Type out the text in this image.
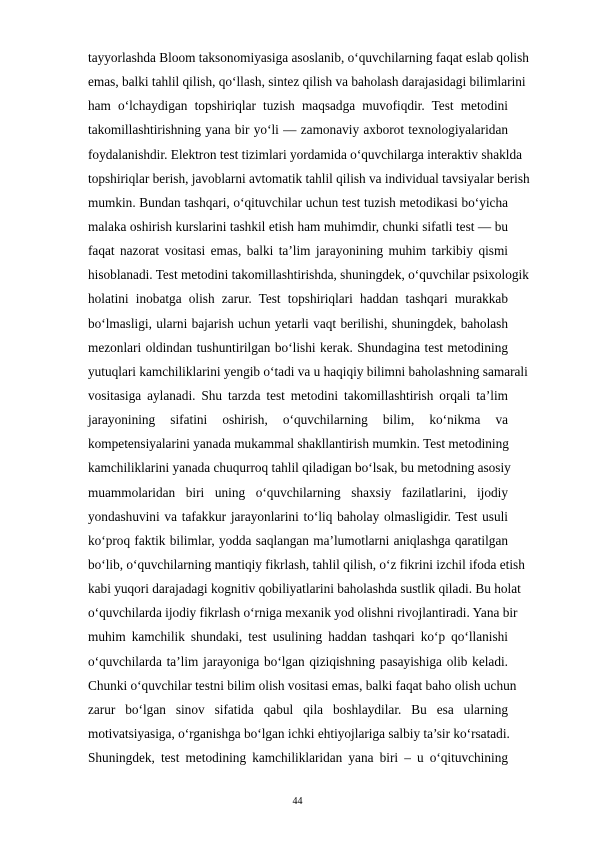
tayyorlashda Bloom taksonomiyasiga asoslanib, o‘quvchilarning faqat eslab qolish
emas, balki tahlil qilish, qo‘llash, sintez qilish va baholash darajasidagi bilimlarini
ham o‘lchaydigan topshiriqlar tuzish maqsadga muvofiqdir. Test metodini
takomillashtirishning yana bir yo‘li — zamonaviy axborot texnologiyalaridan
foydalanishdir. Elektron test tizimlari yordamida o‘quvchilarga interaktiv shaklda
topshiriqlar berish, javoblarni avtomatik tahlil qilish va individual tavsiyalar berish
mumkin. Bundan tashqari, o‘qituvchilar uchun test tuzish metodikasi bo‘yicha
malaka oshirish kurslarini tashkil etish ham muhimdir, chunki sifatli test — bu
faqat nazorat vositasi emas, balki ta’lim jarayonining muhim tarkibiy qismi
hisoblanadi. Test metodini takomillashtirishda, shuningdek, o‘quvchilar psixologik
holatini inobatga olish zarur. Test topshiriqlari haddan tashqari murakkab
bo‘lmasligi, ularni bajarish uchun yetarli vaqt berilishi, shuningdek, baholash
mezonlari oldindan tushuntirilgan bo‘lishi kerak. Shundagina test metodining
yutuqlari kamchiliklarini yengib o‘tadi va u haqiqiy bilimni baholashning samarali
vositasiga aylanadi. Shu tarzda test metodini takomillashtirish orqali ta’lim
jarayonining sifatini oshirish, o‘quvchilarning bilim, ko‘nikma va
kompetensiyalarini yanada mukammal shakllantirish mumkin. Test metodining
kamchiliklarini yanada chuqurroq tahlil qiladigan bo‘lsak, bu metodning asosiy
muammolaridan biri uning o‘quvchilarning shaxsiy fazilatlarini, ijodiy
yondashuvini va tafakkur jarayonlarini to‘liq baholay olmasligidir. Test usuli
ko‘proq faktik bilimlar, yodda saqlangan ma’lumotlarni aniqlashga qaratilgan
bo‘lib, o‘quvchilarning mantiqiy fikrlash, tahlil qilish, o‘z fikrini izchil ifoda etish
kabi yuqori darajadagi kognitiv qobiliyatlarini baholashda sustlik qiladi. Bu holat
o‘quvchilarda ijodiy fikrlash o‘rniga mexanik yod olishni rivojlantiradi. Yana bir
muhim kamchilik shundaki, test usulining haddan tashqari ko‘p qo‘llanishi
o‘quvchilarda ta’lim jarayoniga bo‘lgan qiziqishning pasayishiga olib keladi.
Chunki o‘quvchilar testni bilim olish vositasi emas, balki faqat baho olish uchun
zarur bo‘lgan sinov sifatida qabul qila boshlaydilar. Bu esa ularning
motivatsiyasiga, o‘rganishga bo‘lgan ichki ehtiyojlariga salbiy ta’sir ko‘rsatadi.
Shuningdek, test metodining kamchiliklaridan yana biri – u o‘qituvchining
44
